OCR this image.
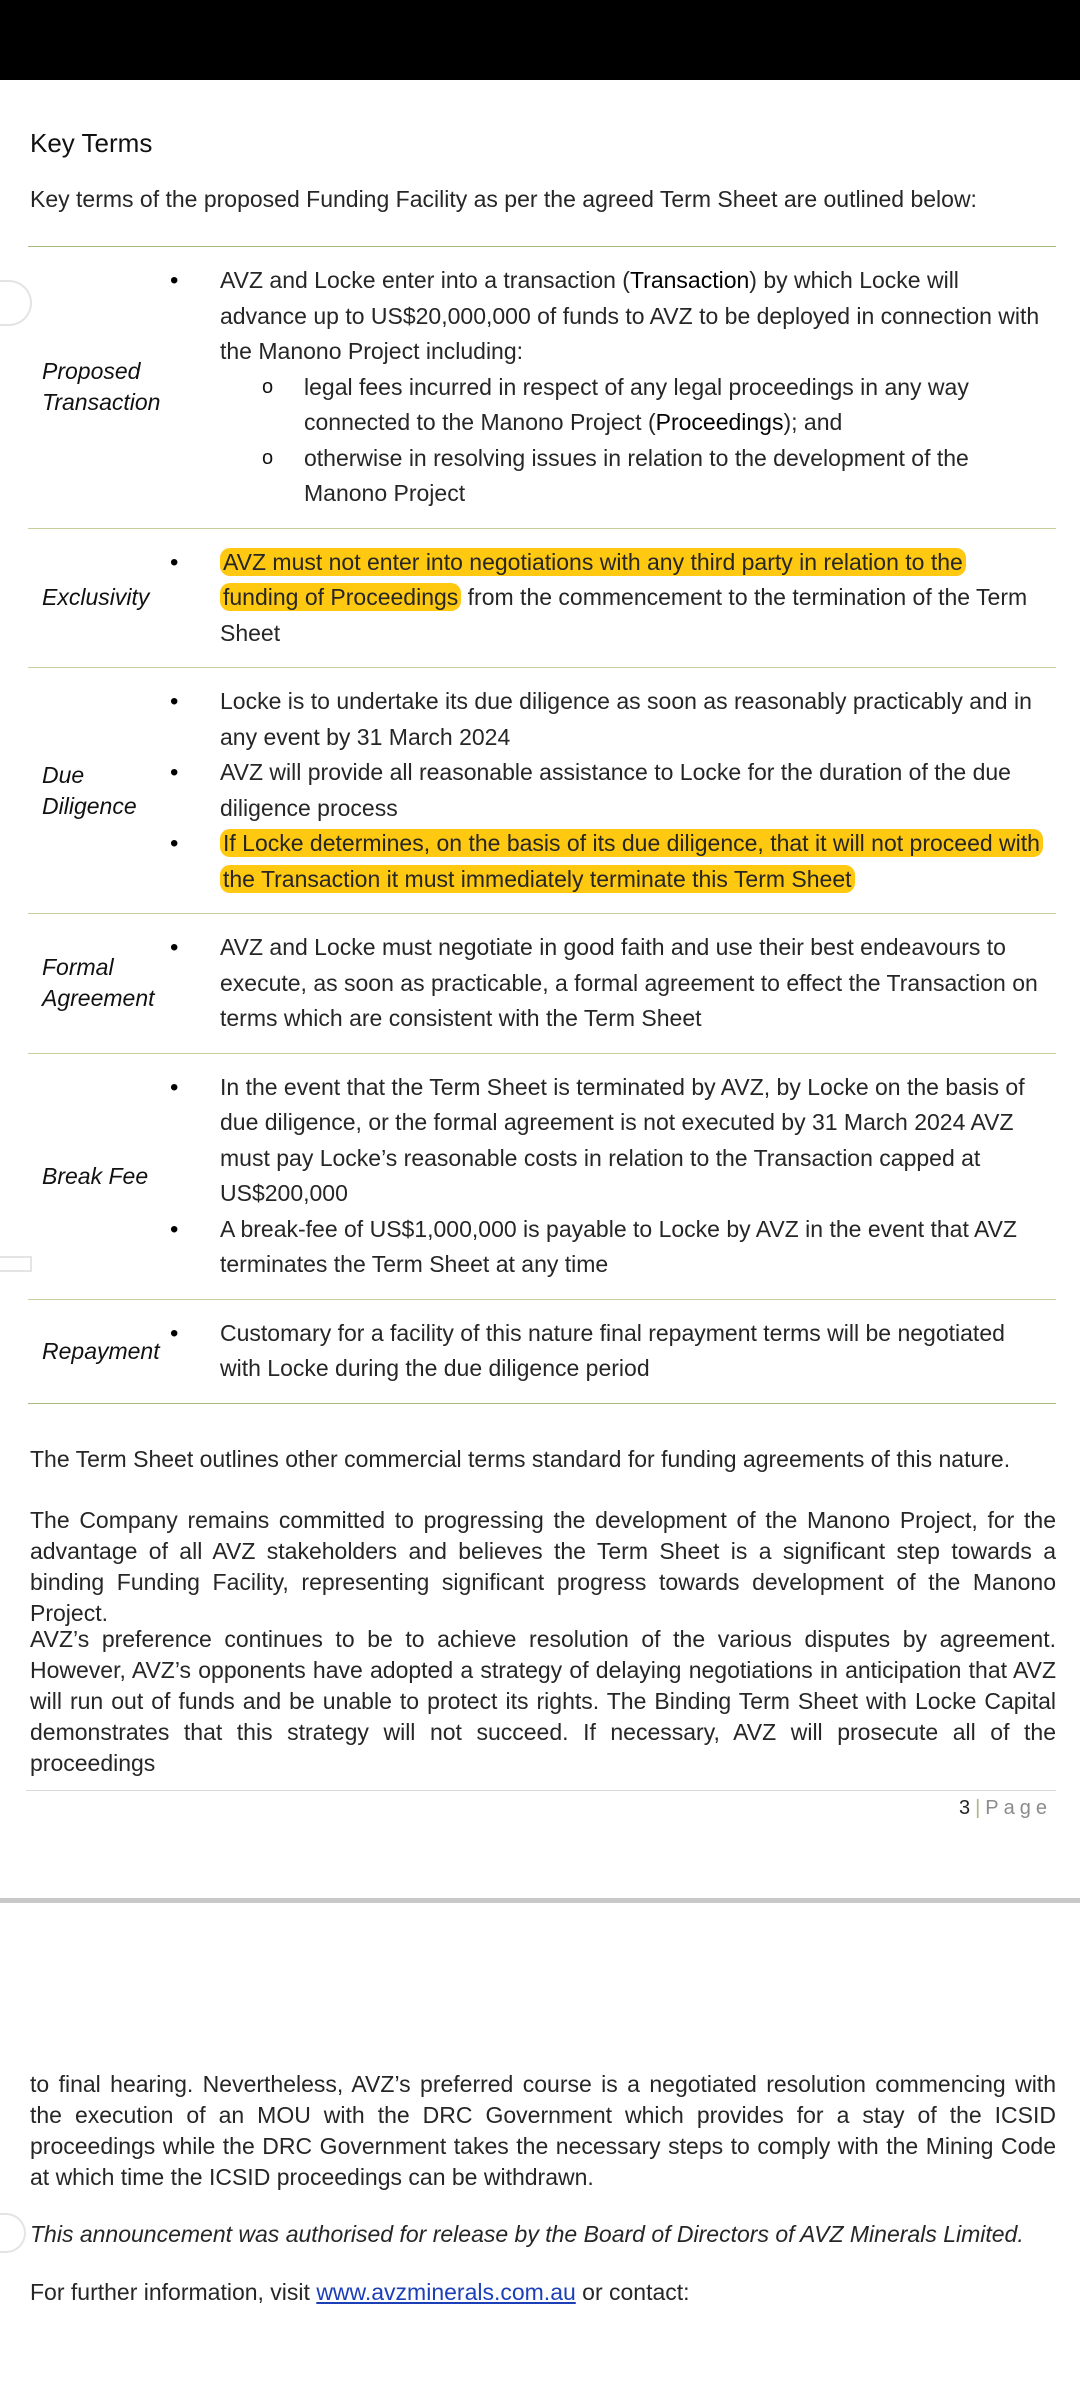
Key Terms
Key terms of the proposed Funding Facility as per the agreed Term Sheet are outlined below:
Proposed Transaction
• AVZ and Locke enter into a transaction (Transaction) by which Locke will advance up to US$20,000,000 of funds to AVZ to be deployed in connection with the Manono Project including:
o legal fees incurred in respect of any legal proceedings in any way connected to the Manono Project (Proceedings); and
o otherwise in resolving issues in relation to the development of the Manono Project
Exclusivity
• AVZ must not enter into negotiations with any third party in relation to the funding of Proceedings from the commencement to the termination of the Term Sheet
Due Diligence
• Locke is to undertake its due diligence as soon as reasonably practicably and in any event by 31 March 2024
• AVZ will provide all reasonable assistance to Locke for the duration of the due diligence process
• If Locke determines, on the basis of its due diligence, that it will not proceed with the Transaction it must immediately terminate this Term Sheet
Formal Agreement
• AVZ and Locke must negotiate in good faith and use their best endeavours to execute, as soon as practicable, a formal agreement to effect the Transaction on terms which are consistent with the Term Sheet
Break Fee
• In the event that the Term Sheet is terminated by AVZ, by Locke on the basis of due diligence, or the formal agreement is not executed by 31 March 2024 AVZ must pay Locke’s reasonable costs in relation to the Transaction capped at US$200,000
• A break-fee of US$1,000,000 is payable to Locke by AVZ in the event that AVZ terminates the Term Sheet at any time
Repayment
• Customary for a facility of this nature final repayment terms will be negotiated with Locke during the due diligence period
The Term Sheet outlines other commercial terms standard for funding agreements of this nature.
The Company remains committed to progressing the development of the Manono Project, for the advantage of all AVZ stakeholders and believes the Term Sheet is a significant step towards a binding Funding Facility, representing significant progress towards development of the Manono Project.
AVZ’s preference continues to be to achieve resolution of the various disputes by agreement. However, AVZ’s opponents have adopted a strategy of delaying negotiations in anticipation that AVZ will run out of funds and be unable to protect its rights. The Binding Term Sheet with Locke Capital demonstrates that this strategy will not succeed. If necessary, AVZ will prosecute all of the proceedings
3 | Page
to final hearing. Nevertheless, AVZ’s preferred course is a negotiated resolution commencing with the execution of an MOU with the DRC Government which provides for a stay of the ICSID proceedings while the DRC Government takes the necessary steps to comply with the Mining Code at which time the ICSID proceedings can be withdrawn.
This announcement was authorised for release by the Board of Directors of AVZ Minerals Limited.
For further information, visit www.avzminerals.com.au or contact:
